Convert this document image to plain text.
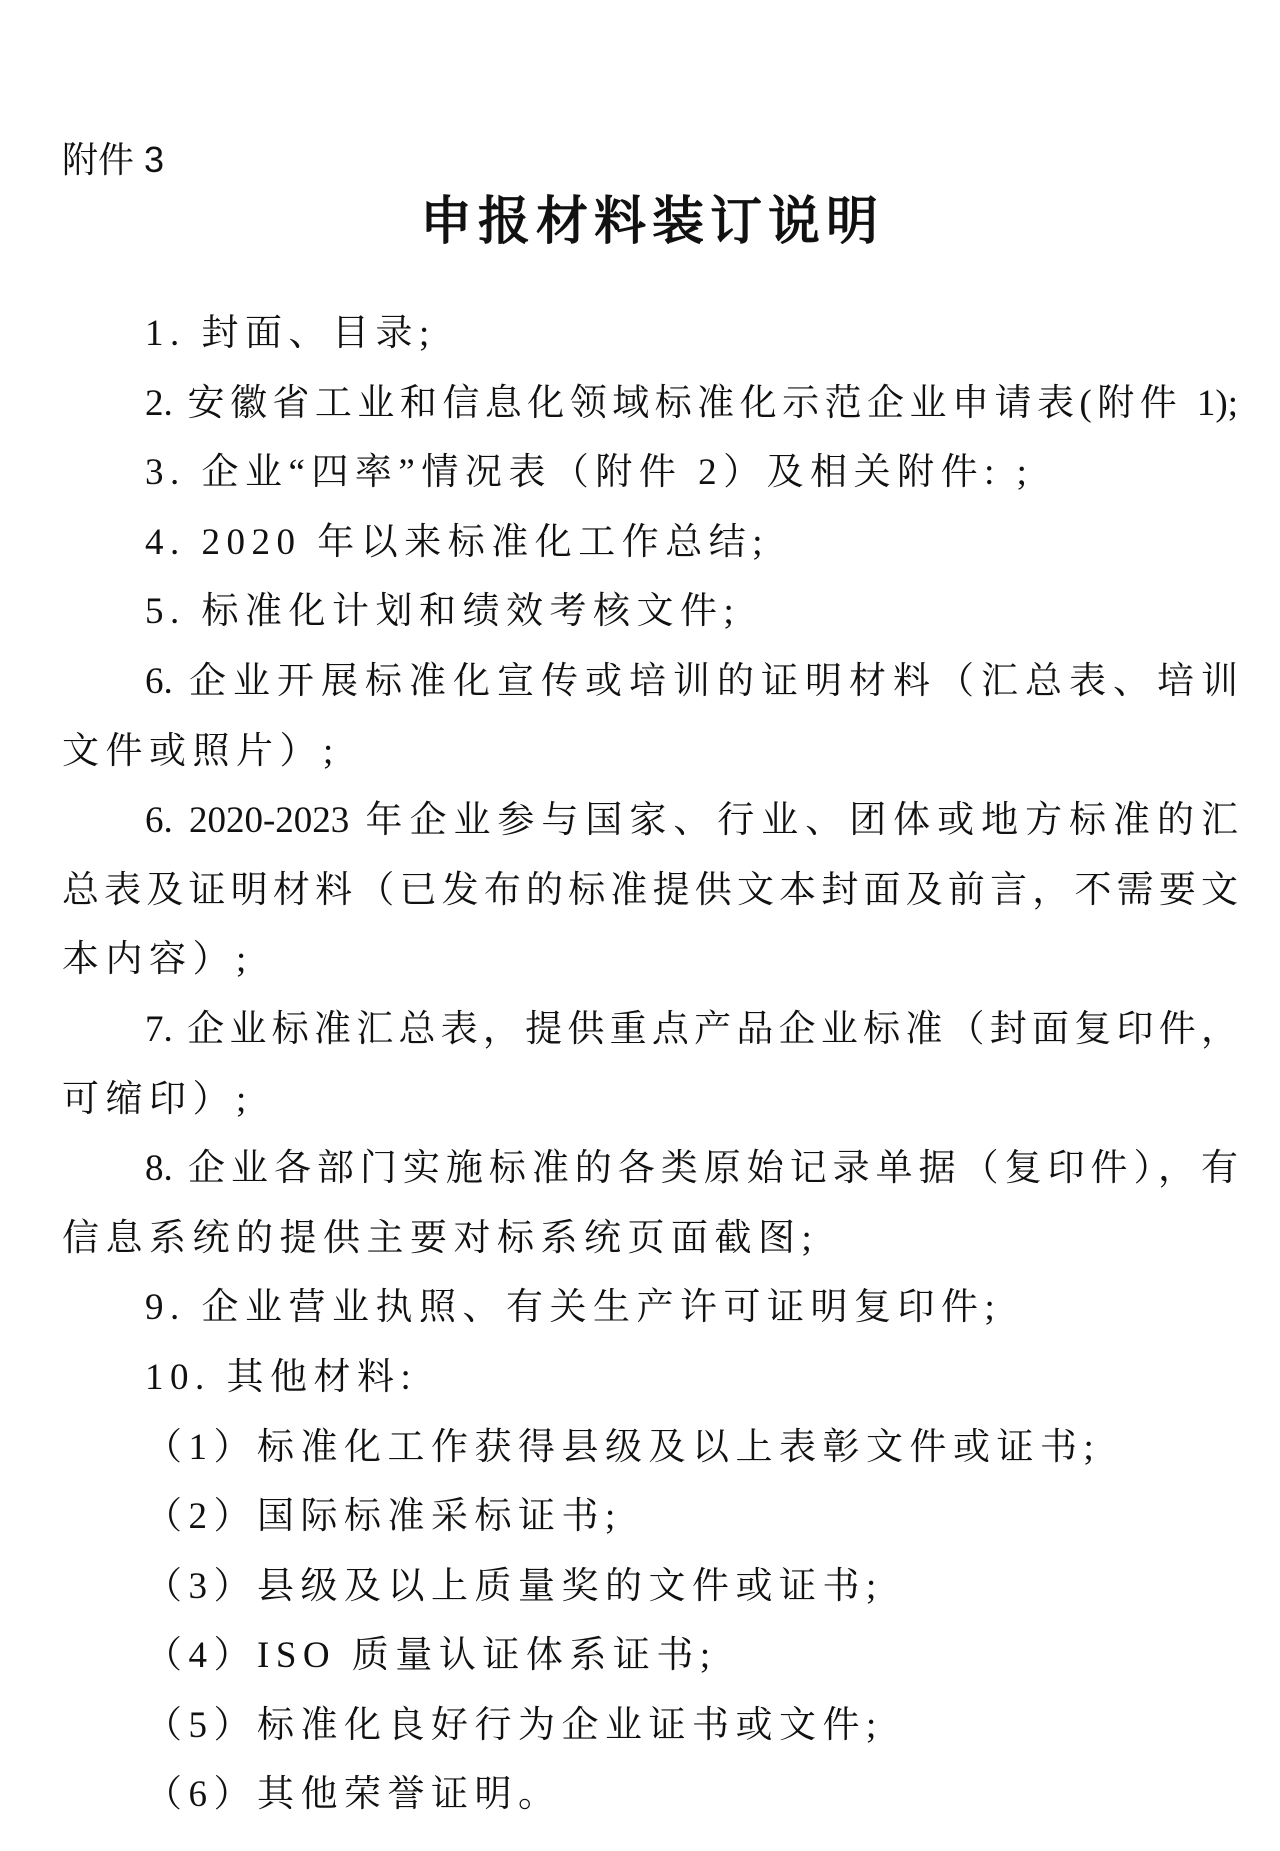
附件 3
申报材料装订说明
1. 封面、目录;
2. 安徽省工业和信息化领域标准化示范企业申请表(附件 1);
3. 企业“四率”情况表（附件 2）及相关附件: ;
4. 2020 年以来标准化工作总结;
5. 标准化计划和绩效考核文件;
6. 企业开展标准化宣传或培训的证明材料（汇总表、培训
文件或照片）;
6. 2020-2023 年企业参与国家、行业、团体或地方标准的汇
总表及证明材料（已发布的标准提供文本封面及前言，不需要文
本内容）;
7. 企业标准汇总表，提供重点产品企业标准（封面复印件，
可缩印）;
8. 企业各部门实施标准的各类原始记录单据（复印件），有
信息系统的提供主要对标系统页面截图;
9. 企业营业执照、有关生产许可证明复印件;
10. 其他材料:
（1）标准化工作获得县级及以上表彰文件或证书;
（2）国际标准采标证书;
（3）县级及以上质量奖的文件或证书;
（4）ISO 质量认证体系证书;
（5）标准化良好行为企业证书或文件;
（6）其他荣誉证明。
